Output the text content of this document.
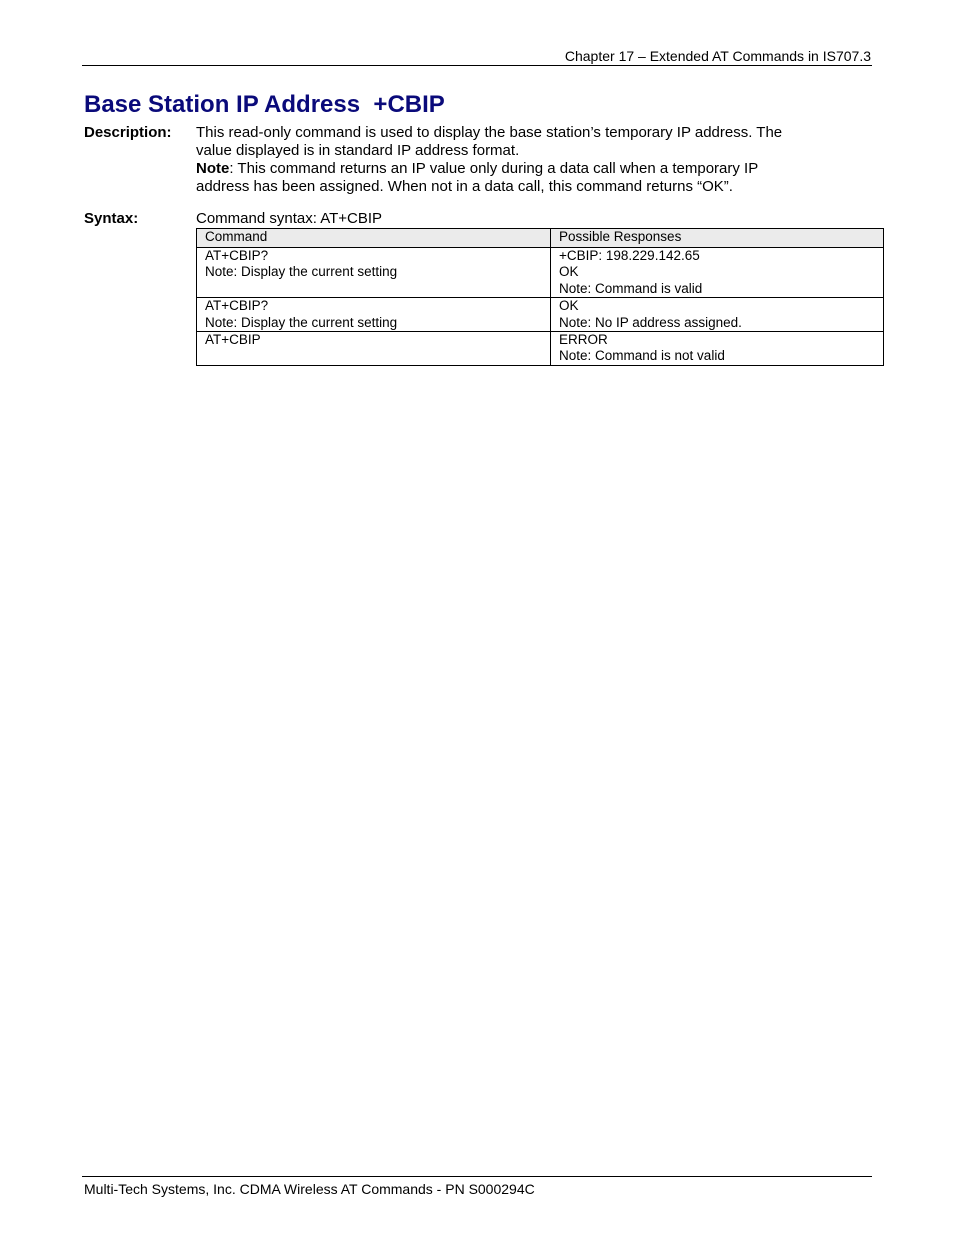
Chapter 17 – Extended AT Commands in IS707.3
Base Station IP Address  +CBIP
Description: This read-only command is used to display the base station’s temporary IP address. The
value displayed is in standard IP address format.
Note: This command returns an IP value only during a data call when a temporary IP
address has been assigned. When not in a data call, this command returns “OK”.
Syntax:	Command syntax: AT+CBIP
Command	Possible Responses

AT+CBIP?
Note: Display the current setting	+CBIP: 198.229.142.65
OK
Note: Command is valid

AT+CBIP?
Note: Display the current setting	OK
Note: No IP address assigned.

AT+CBIP	ERROR
Note: Command is not valid
Multi-Tech Systems, Inc. CDMA Wireless AT Commands - PN S000294C
